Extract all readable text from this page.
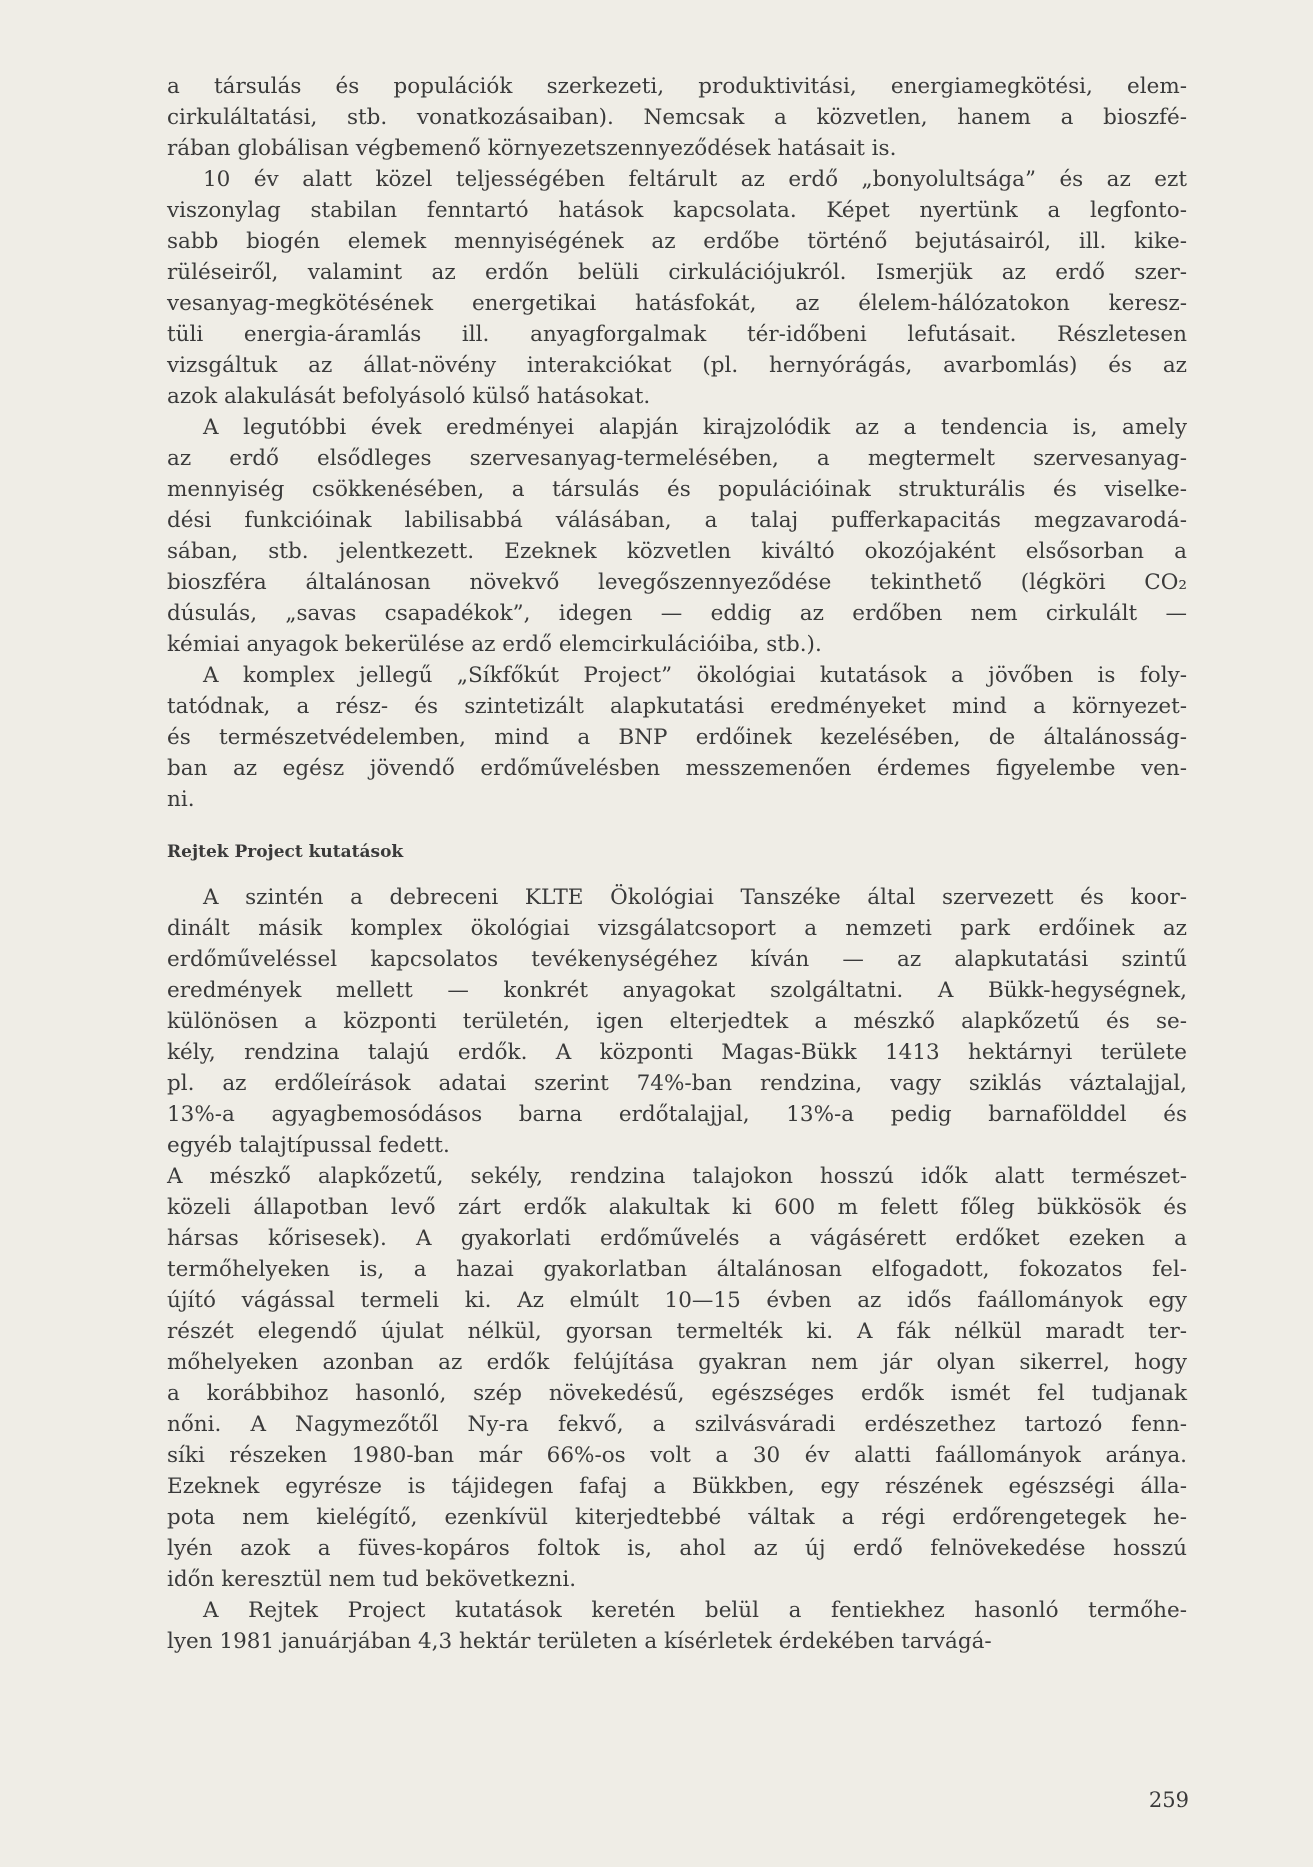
a társulás és populációk szerkezeti, produktivitási, energiamegkötési, elem-
cirkuláltatási, stb. vonatkozásaiban). Nemcsak a közvetlen, hanem a bioszfé-
rában globálisan végbemenő környezetszennyeződések hatásait is.
10 év alatt közel teljességében feltárult az erdő „bonyolultsága” és az ezt
viszonylag stabilan fenntartó hatások kapcsolata. Képet nyertünk a legfonto-
sabb biogén elemek mennyiségének az erdőbe történő bejutásairól, ill. kike-
rüléseiről, valamint az erdőn belüli cirkulációjukról. Ismerjük az erdő szer-
vesanyag-megkötésének energetikai hatásfokát, az élelem-hálózatokon keresz-
tüli energia-áramlás ill. anyagforgalmak tér-időbeni lefutásait. Részletesen
vizsgáltuk az állat-növény interakciókat (pl. hernyórágás, avarbomlás) és az
azok alakulását befolyásoló külső hatásokat.
A legutóbbi évek eredményei alapján kirajzolódik az a tendencia is, amely
az erdő elsődleges szervesanyag-termelésében, a megtermelt szervesanyag-
mennyiség csökkenésében, a társulás és populációinak strukturális és viselke-
dési funkcióinak labilisabbá válásában, a talaj pufferkapacitás megzavarodá-
sában, stb. jelentkezett. Ezeknek közvetlen kiváltó okozójaként elsősorban a
bioszféra általánosan növekvő levegőszennyeződése tekinthető (légköri CO₂
dúsulás, „savas csapadékok”, idegen — eddig az erdőben nem cirkulált —
kémiai anyagok bekerülése az erdő elemcirkulációiba, stb.).
A komplex jellegű „Síkfőkút Project” ökológiai kutatások a jövőben is foly-
tatódnak, a rész- és szintetizált alapkutatási eredményeket mind a környezet-
és természetvédelemben, mind a BNP erdőinek kezelésében, de általánosság-
ban az egész jövendő erdőművelésben messzemenően érdemes figyelembe ven-
ni.
Rejtek Project kutatások
A szintén a debreceni KLTE Ökológiai Tanszéke által szervezett és koor-
dinált másik komplex ökológiai vizsgálatcsoport a nemzeti park erdőinek az
erdőműveléssel kapcsolatos tevékenységéhez kíván — az alapkutatási szintű
eredmények mellett — konkrét anyagokat szolgáltatni. A Bükk-hegységnek,
különösen a központi területén, igen elterjedtek a mészkő alapkőzetű és se-
kély, rendzina talajú erdők. A központi Magas-Bükk 1413 hektárnyi területe
pl. az erdőleírások adatai szerint 74%-ban rendzina, vagy sziklás váztalajjal,
13%-a agyagbemosódásos barna erdőtalajjal, 13%-a pedig barnafölddel és
egyéb talajtípussal fedett.
A mészkő alapkőzetű, sekély, rendzina talajokon hosszú idők alatt természet-
közeli állapotban levő zárt erdők alakultak ki 600 m felett főleg bükkösök és
hársas kőrisesek). A gyakorlati erdőművelés a vágásérett erdőket ezeken a
termőhelyeken is, a hazai gyakorlatban általánosan elfogadott, fokozatos fel-
újító vágással termeli ki. Az elmúlt 10—15 évben az idős faállományok egy
részét elegendő újulat nélkül, gyorsan termelték ki. A fák nélkül maradt ter-
mőhelyeken azonban az erdők felújítása gyakran nem jár olyan sikerrel, hogy
a korábbihoz hasonló, szép növekedésű, egészséges erdők ismét fel tudjanak
nőni. A Nagymezőtől Ny-ra fekvő, a szilvásváradi erdészethez tartozó fenn-
síki részeken 1980-ban már 66%-os volt a 30 év alatti faállományok aránya.
Ezeknek egyrésze is tájidegen fafaj a Bükkben, egy részének egészségi álla-
pota nem kielégítő, ezenkívül kiterjedtebbé váltak a régi erdőrengetegek he-
lyén azok a füves-kopáros foltok is, ahol az új erdő felnövekedése hosszú
időn keresztül nem tud bekövetkezni.
A Rejtek Project kutatások keretén belül a fentiekhez hasonló termőhe-
lyen 1981 januárjában 4,3 hektár területen a kísérletek érdekében tarvágá-
259
